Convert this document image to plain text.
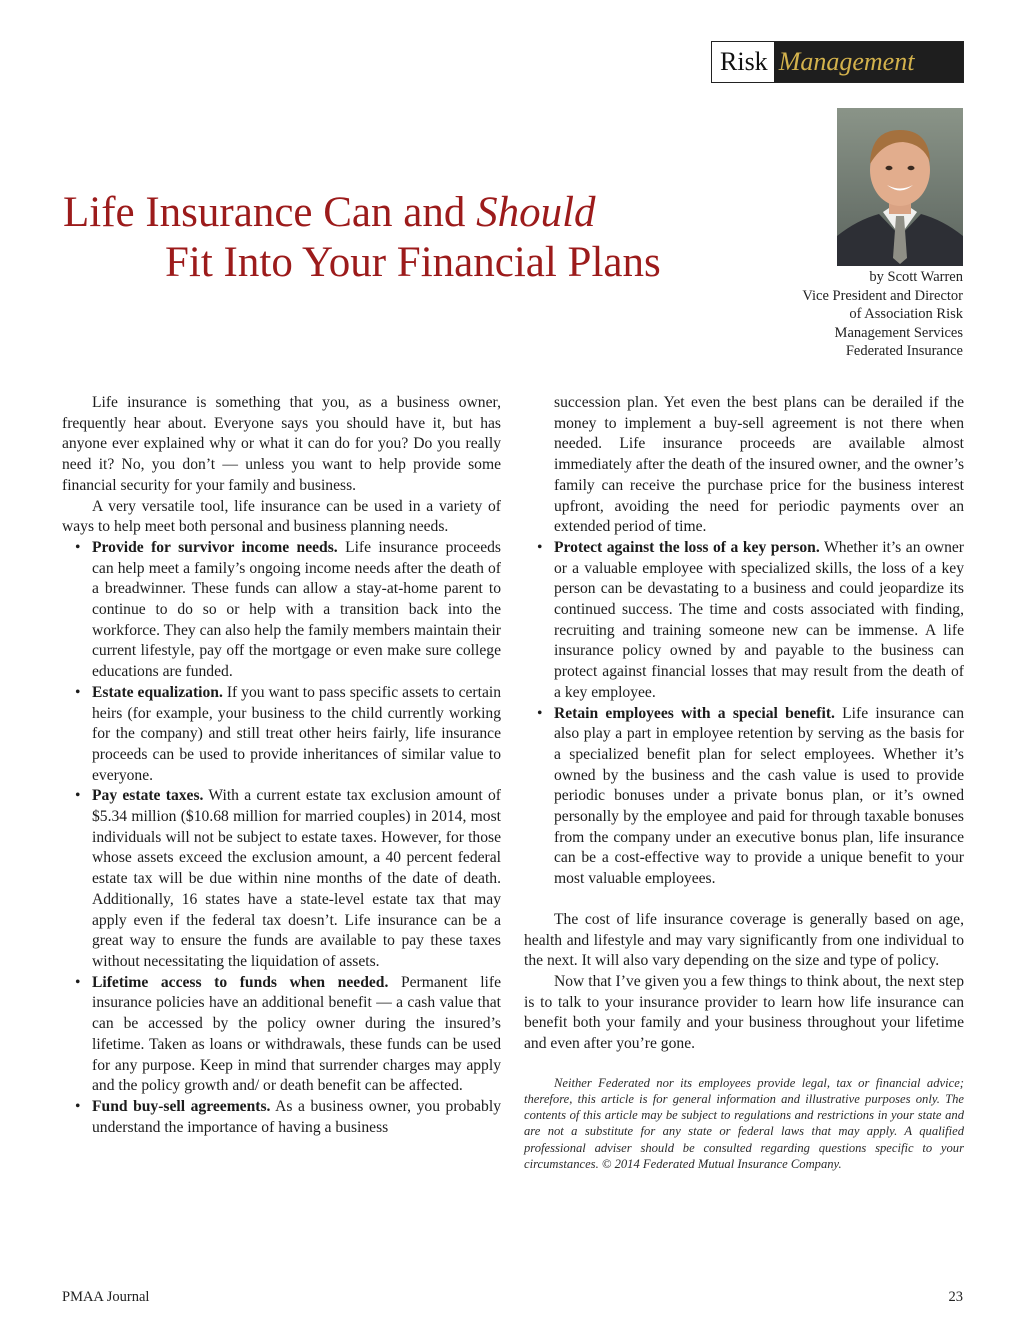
Risk Management
Life Insurance Can and Should
Fit Into Your Financial Plans	by Scott Warren
Vice President and Director
of Association Risk
Management Services
Federated Insurance

Life insurance is something that you, as a business owner, frequently hear about. Everyone says you should have it, but has anyone ever explained why or what it can do for you? Do you really need it? No, you don’t — unless you want to help provide some financial security for your family and business.

A very versatile tool, life insurance can be used in a variety of ways to help meet both personal and business planning needs.

• Provide for survivor income needs. Life insurance proceeds can help meet a family’s ongoing income needs after the death of a breadwinner. These funds can allow a stay-at-home parent to continue to do so or help with a transition back into the workforce. They can also help the family members maintain their current lifestyle, pay off the mortgage or even make sure college educations are funded.
• Estate equalization. If you want to pass specific assets to certain heirs (for example, your business to the child currently working for the company) and still treat other heirs fairly, life insurance proceeds can be used to provide inheritances of similar value to everyone.
• Pay estate taxes. With a current estate tax exclusion amount of $5.34 million ($10.68 million for married couples) in 2014, most individuals will not be subject to estate taxes. However, for those whose assets exceed the exclusion amount, a 40 percent federal estate tax will be due within nine months of the date of death. Additionally, 16 states have a state-level estate tax that may apply even if the federal tax doesn’t. Life insurance can be a great way to ensure the funds are available to pay these taxes without necessitating the liquidation of assets.
• Lifetime access to funds when needed. Permanent life insurance policies have an additional benefit — a cash value that can be accessed by the policy owner during the insured’s lifetime. Taken as loans or withdrawals, these funds can be used for any purpose. Keep in mind that surrender charges may apply and the policy growth and/ or death benefit can be affected.
• Fund buy-sell agreements. As a business owner, you probably understand the importance of having a business

succession plan. Yet even the best plans can be derailed if the money to implement a buy-sell agreement is not there when needed. Life insurance proceeds are available almost immediately after the death of the insured owner, and the owner’s family can receive the purchase price for the business interest upfront, avoiding the need for periodic payments over an extended period of time.

• Protect against the loss of a key person. Whether it’s an owner or a valuable employee with specialized skills, the loss of a key person can be devastating to a business and could jeopardize its continued success. The time and costs associated with finding, recruiting and training someone new can be immense. A life insurance policy owned by and payable to the business can protect against financial losses that may result from the death of a key employee.
• Retain employees with a special benefit. Life insurance can also play a part in employee retention by serving as the basis for a specialized benefit plan for select employees. Whether it’s owned by the business and the cash value is used to provide periodic bonuses under a private bonus plan, or it’s owned personally by the employee and paid for through taxable bonuses from the company under an executive bonus plan, life insurance can be a cost-effective way to provide a unique benefit to your most valuable employees.

The cost of life insurance coverage is generally based on age, health and lifestyle and may vary significantly from one individual to the next. It will also vary depending on the size and type of policy.

Now that I’ve given you a few things to think about, the next step is to talk to your insurance provider to learn how life insurance can benefit both your family and your business throughout your lifetime and even after you’re gone.

Neither Federated nor its employees provide legal, tax or financial advice; therefore, this article is for general information and illustrative purposes only. The contents of this article may be subject to regulations and restrictions in your state and are not a substitute for any state or federal laws that may apply. A qualified professional adviser should be consulted regarding questions specific to your circumstances. © 2014 Federated Mutual Insurance Company.

PMAA Journal	23
